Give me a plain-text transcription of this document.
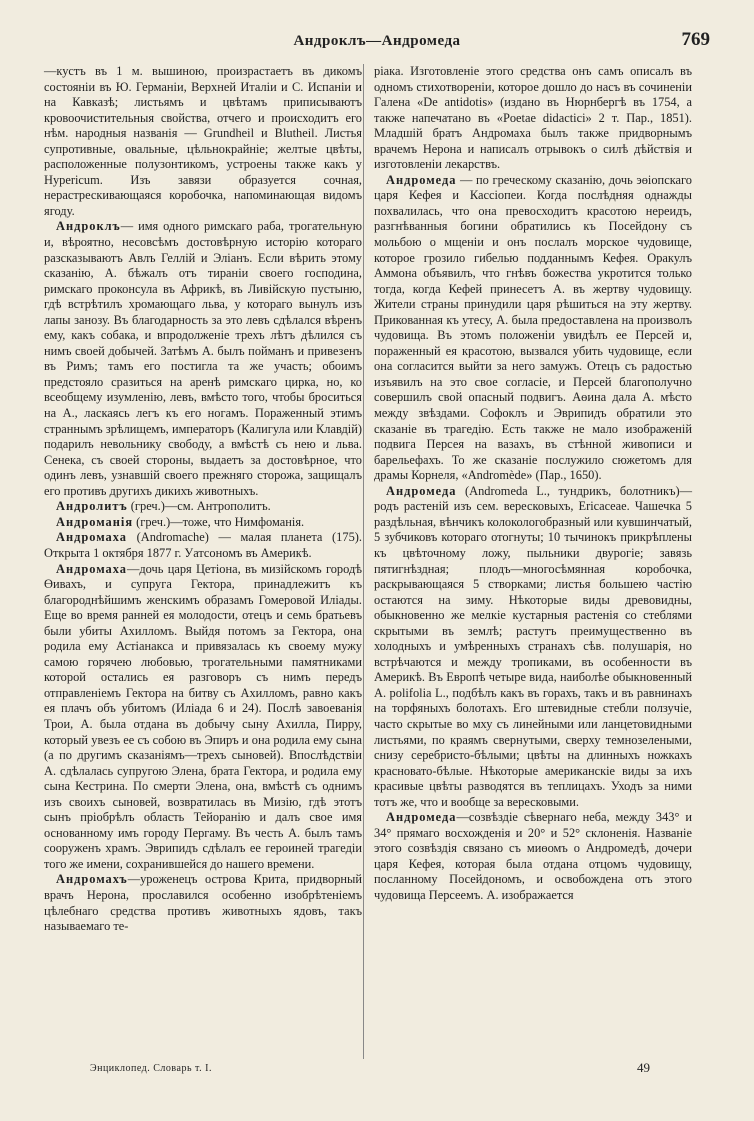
Андроклъ—Андромеда	769

—кустъ въ 1 м. вышиною, произрастаетъ въ дикомъ состоянiи въ Ю. Германiи, Верхней Италiи и С. Испанiи и на Кавказѣ; листьямъ и цвѣтамъ приписываютъ кровоочистительныя свойства, отчего и происходитъ его нѣм. народныя названiя — Grundheil и Blutheil. Листья супротивные, овальные, цѣльнокрайнiе; желтые цвѣты, расположенные полузонтикомъ, устроены также какъ у Hypericum. Изъ завязи образуется сочная, нерастрескивающаяся коробочка, напоминающая видомъ ягоду.

Андроклъ— имя одного римскаго раба, трогательную и, вѣроятно, несовсѣмъ достовѣрную исторiю котораго разсказываютъ Авлъ Геллiй и Элiанъ. Если вѣрить этому сказанiю, А. бѣжалъ отъ тиранiи своего господина, римскаго проконсула въ Африкѣ, въ Ливiйскую пустыню, гдѣ встрѣтилъ хромающаго льва, у котораго вынулъ изъ лапы занозу. Въ благодарность за это левъ сдѣлался вѣренъ ему, какъ собака, и впродолженiе трехъ лѣтъ дѣлился съ нимъ своей добычей. Затѣмъ А. былъ пойманъ и привезенъ въ Римъ; тамъ его постигла та же участь; обоимъ предстояло сразиться на аренѣ римскаго цирка, но, ко всеобщему изумленiю, левъ, вмѣсто того, чтобы броситься на А., ласкаясь легъ къ его ногамъ. Пораженный этимъ страннымъ зрѣлищемъ, императоръ (Калигула или Клавдiй) подарилъ невольнику свободу, а вмѣстѣ съ нею и льва. Сенека, съ своей стороны, выдаетъ за достовѣрное, что одинъ левъ, узнавшiй своего прежняго сторожа, защищалъ его противъ другихъ дикихъ животныхъ.

Андролитъ (греч.)—см. Антрополитъ.

Андроманiя (греч.)—тоже, что Нимфоманiя.

Андромаха (Andromache) — малая планета (175). Открыта 1 октября 1877 г. Уатсономъ въ Америкѣ.

Андромаха—дочь царя Цетiона, въ мизiйскомъ городѣ Өивахъ, и супруга Гектора, принадлежитъ къ благороднѣйшимъ женскимъ образамъ Гомеровой Илiады. Еще во время ранней ея молодости, отецъ и семь братьевъ были убиты Ахилломъ. Выйдя потомъ за Гектора, она родила ему Астiанакса и привязалась къ своему мужу самою горячею любовью, трогательными памятниками которой остались ея разговоръ съ нимъ передъ отправленiемъ Гектора на битву съ Ахилломъ, равно какъ ея плачъ объ убитомъ (Илiада 6 и 24). Послѣ завоеванiя Трои, А. была отдана въ добычу сыну Ахилла, Пирру, который увезъ ее съ собою въ Эпиръ и она родила ему сына (а по другимъ сказанiямъ—трехъ сыновей). Впослѣдствiи А. сдѣлалась супругою Эленa, брата Гектора, и родила ему сына Кестрина. По смерти Элена, она, вмѣстѣ съ однимъ изъ своихъ сыновей, возвратилась въ Мизiю, гдѣ этотъ сынъ прiобрѣлъ область Тейоранiю и далъ свое имя основанному имъ городу Пергаму. Въ честь А. былъ тамъ сооруженъ храмъ. Эврипидъ сдѣлалъ ее героиней трагедiи того же имени, сохранившейся до нашего времени.

Андромахъ—уроженецъ острова Крита, придворный врачъ Нерона, прославился особенно изобрѣтенiемъ цѣлебнаго средства противъ животныхъ ядовъ, такъ называемаго те-

рiака. Изготовленiе этого средства онъ самъ описалъ въ одномъ стихотворенiи, которое дошло до насъ въ сочиненiи Галена «De antidotis» (издано въ Нюрнбергѣ въ 1754, а также напечатано въ «Poetae didactici» 2 т. Пар., 1851). Младшiй братъ Андромаха былъ также придворнымъ врачемъ Нерона и написалъ отрывокъ о силѣ дѣйствiя и изготовленiи лекарствъ.

Андромеда — по греческому сказанiю, дочь эөiопскаго царя Кефея и Кассiопеи. Когда послѣдняя однажды похвалилась, что она превосходитъ красотою нереидъ, разгнѣванныя богини обратились къ Посейдону съ мольбою о мщенiи и онъ послалъ морское чудовище, которое грозило гибелью подданнымъ Кефея. Оракулъ Аммона объявилъ, что гнѣвъ божества укротится только тогда, когда Кефей принесетъ А. въ жертву чудовищу. Жители страны принудили царя рѣшиться на эту жертву. Прикованная къ утесу, А. была предоставлена на произволъ чудовища. Въ этомъ положенiи увидѣлъ ее Персей и, пораженный ея красотою, вызвался убить чудовище, если она согласится выйти за него замужъ. Отецъ съ радостью изъявилъ на это свое согласiе, и Персей благополучно совершилъ свой опасный подвигъ. Аөина дала А. мѣсто между звѣздами. Софоклъ и Эврипидъ обратили это сказанiе въ трагедiю. Есть также не мало изображенiй подвига Персея на вазахъ, въ стѣнной живописи и барельефахъ. То же сказанiе послужило сюжетомъ для драмы Корнеля, «Andromède» (Пар., 1650).

Андромеда (Andromeda L., тундрикъ, болотникъ)—родъ растенiй изъ сем. вересковыхъ, Ericaceae. Чашечка 5 раздѣльная, вѣнчикъ колокологобразный или кувшинчатый, 5 зубчиковъ котораго отогнуты; 10 тычинокъ прикрѣплены къ цвѣточному ложу, пыльники двурогiе; завязь пятигнѣздная; плодъ—многосѣмянная коробочка, раскрывающаяся 5 створками; листья большею частiю остаются на зиму. Нѣкоторые виды древовидны, обыкновенно же мелкiе кустарныя растенiя со стеблями скрытыми въ землѣ; растутъ преимущественно въ холодныхъ и умѣренныхъ странахъ сѣв. полушарiя, но встрѣчаются и между тропиками, въ особенности въ Америкѣ. Въ Европѣ четыре вида, наиболѣе обыкновенный A. polifolia L., подбѣлъ какъ въ горахъ, такъ и въ равнинахъ на торфяныхъ болотахъ. Его штевидные стебли ползучiе, часто скрытые во мху съ линейными или ланцетовидными листьями, по краямъ свернутыми, сверху темнозелеными, снизу серебристо-бѣлыми; цвѣты на длинныхъ ножкахъ красновато-бѣлые. Нѣкоторые американскiе виды за ихъ красивые цвѣты разводятся въ теплицахъ. Уходъ за ними тотъ же, что и вообще за вересковыми.

Андромеда—созвѣздiе сѣвернаго неба, между 343° и 34° прямаго восхожденiя и 20° и 52° склоненiя. Названiе этого созвѣздiя связано съ миөомъ о Андромедѣ, дочери царя Кефея, которая была отдана отцомъ чудовищу, посланному Посейдономъ, и освобождена отъ этого чудовища Персеемъ. А. изображается

Энциклопед. Словарь т. I.	49
